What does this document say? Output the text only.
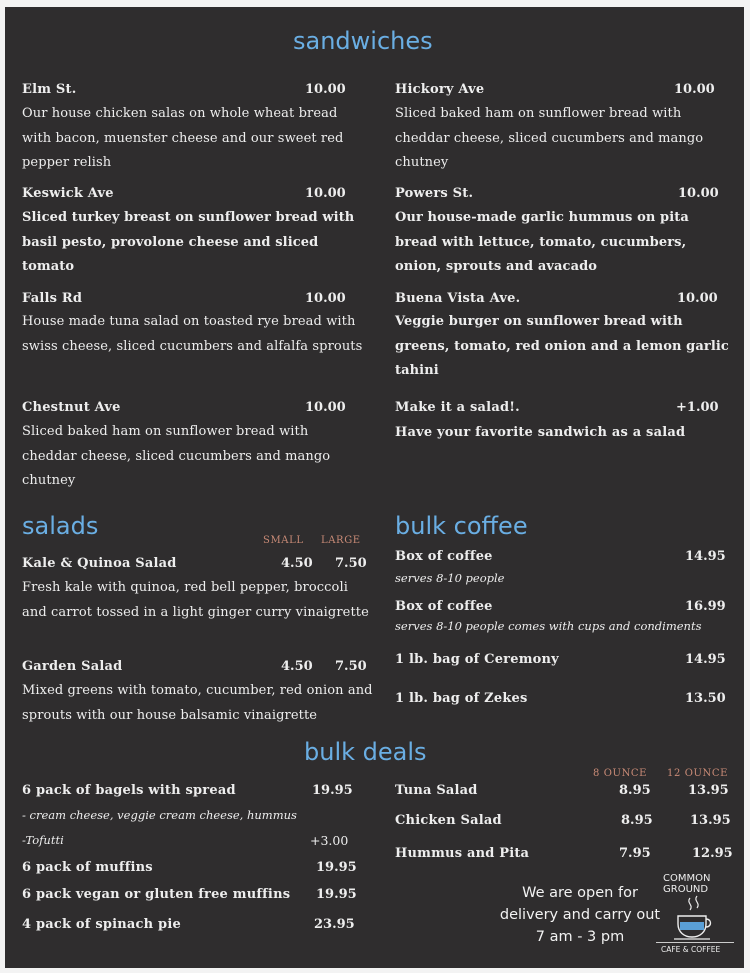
sandwiches
Elm St.	10.00
Our house chicken salas on whole wheat bread with bacon, muenster cheese and our sweet red pepper relish
Keswick Ave	10.00
Sliced turkey breast on sunflower bread with basil pesto, provolone cheese and sliced tomato
Falls Rd	10.00
House made tuna salad on toasted rye bread with swiss cheese, sliced cucumbers and alfalfa sprouts
Chestnut Ave	10.00
Sliced baked ham on sunflower bread with cheddar cheese, sliced cucumbers and mango chutney
Hickory Ave	10.00
Sliced baked ham on sunflower bread with cheddar cheese, sliced cucumbers and mango chutney
Powers St.	10.00
Our house-made garlic hummus on pita bread with lettuce, tomato, cucumbers, onion, sprouts and avacado
Buena Vista Ave.	10.00
Veggie burger on sunflower bread with greens, tomato, red onion and a lemon garlic tahini
Make it a salad!.	+1.00
Have your favorite sandwich as a salad
salads
SMALL LARGE
Kale & Quinoa Salad	4.50 7.50
Fresh kale with quinoa, red bell pepper, broccoli and carrot tossed in a light ginger curry vinaigrette
Garden Salad	4.50 7.50
Mixed greens with tomato, cucumber, red onion and sprouts with our house balsamic vinaigrette
bulk coffee
Box of coffee	14.95
serves 8-10 people
Box of coffee	16.99
serves 8-10 people comes with cups and condiments
1 lb. bag of Ceremony	14.95
1 lb. bag of Zekes	13.50
bulk deals
6 pack of bagels with spread	19.95
- cream cheese, veggie cream cheese, hummus
-Tofutti	+3.00
6 pack of muffins	19.95
6 pack vegan or gluten free muffins 19.95
4 pack of spinach pie	23.95
8 OUNCE 12 OUNCE
Tuna Salad	8.95	13.95
Chicken Salad	8.95	13.95
Hummus and Pita	7.95	12.95
We are open for
delivery and carry out
7 am - 3 pm
COMMON
GROUND
CAFE & COFFEE
